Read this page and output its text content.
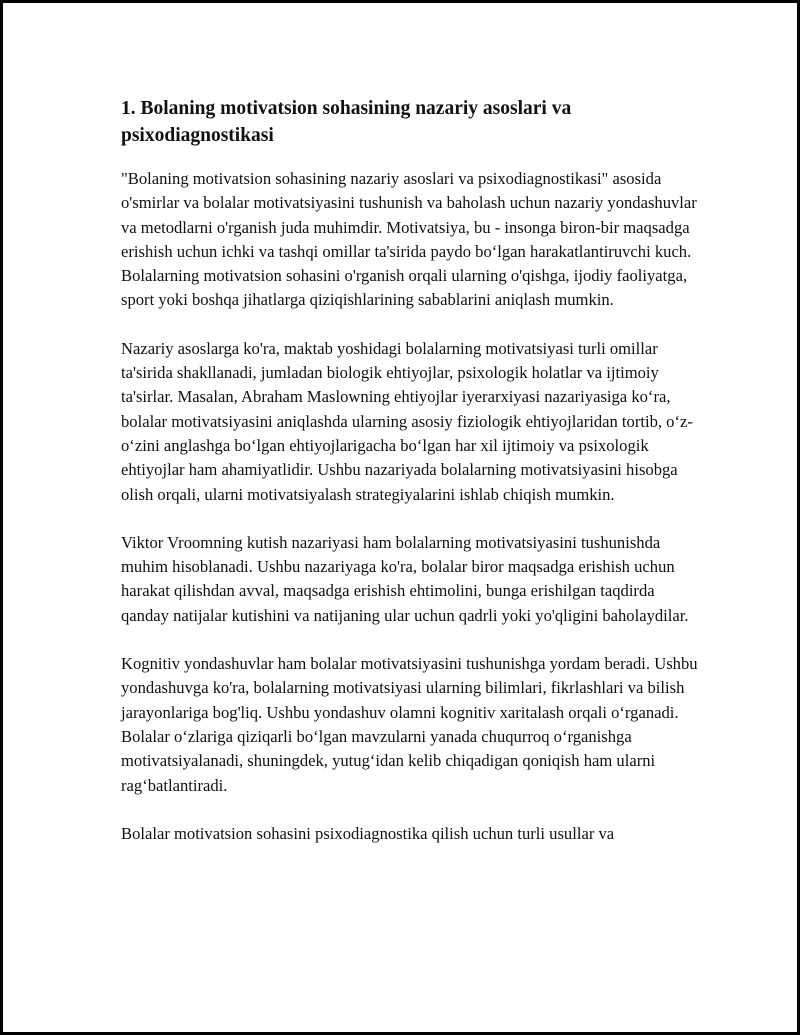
1. Bolaning motivatsion sohasining nazariy asoslari va psixodiagnostikasi

"Bolaning motivatsion sohasining nazariy asoslari va psixodiagnostikasi" asosida o'smirlar va bolalar motivatsiyasini tushunish va baholash uchun nazariy yondashuvlar va metodlarni o'rganish juda muhimdir. Motivatsiya, bu - insonga biron-bir maqsadga erishish uchun ichki va tashqi omillar ta'sirida paydo bo‘lgan harakatlantiruvchi kuch. Bolalarning motivatsion sohasini o'rganish orqali ularning o'qishga, ijodiy faoliyatga, sport yoki boshqa jihatlarga qiziqishlarining sabablarini aniqlash mumkin.

Nazariy asoslarga ko'ra, maktab yoshidagi bolalarning motivatsiyasi turli omillar ta'sirida shakllanadi, jumladan biologik ehtiyojlar, psixologik holatlar va ijtimoiy ta'sirlar. Masalan, Abraham Maslowning ehtiyojlar iyerarxiyasi nazariyasiga ko‘ra, bolalar motivatsiyasini aniqlashda ularning asosiy fiziologik ehtiyojlaridan tortib, o‘z-o‘zini anglashga bo‘lgan ehtiyojlarigacha bo‘lgan har xil ijtimoiy va psixologik ehtiyojlar ham ahamiyatlidir. Ushbu nazariyada bolalarning motivatsiyasini hisobga olish orqali, ularni motivatsiyalash strategiyalarini ishlab chiqish mumkin.

Viktor Vroomning kutish nazariyasi ham bolalarning motivatsiyasini tushunishda muhim hisoblanadi. Ushbu nazariyaga ko'ra, bolalar biror maqsadga erishish uchun harakat qilishdan avval, maqsadga erishish ehtimolini, bunga erishilgan taqdirda qanday natijalar kutishini va natijaning ular uchun qadrli yoki yo'qligini baholaydilar.

Kognitiv yondashuvlar ham bolalar motivatsiyasini tushunishga yordam beradi. Ushbu yondashuvga ko'ra, bolalarning motivatsiyasi ularning bilimlari, fikrlashlari va bilish jarayonlariga bog'liq. Ushbu yondashuv olamni kognitiv xaritalash orqali o‘rganadi. Bolalar o‘zlariga qiziqarli bo‘lgan mavzularni yanada chuqurroq o‘rganishga motivatsiyalanadi, shuningdek, yutug‘idan kelib chiqadigan qoniqish ham ularni rag‘batlantiradi.

Bolalar motivatsion sohasini psixodiagnostika qilish uchun turli usullar va
